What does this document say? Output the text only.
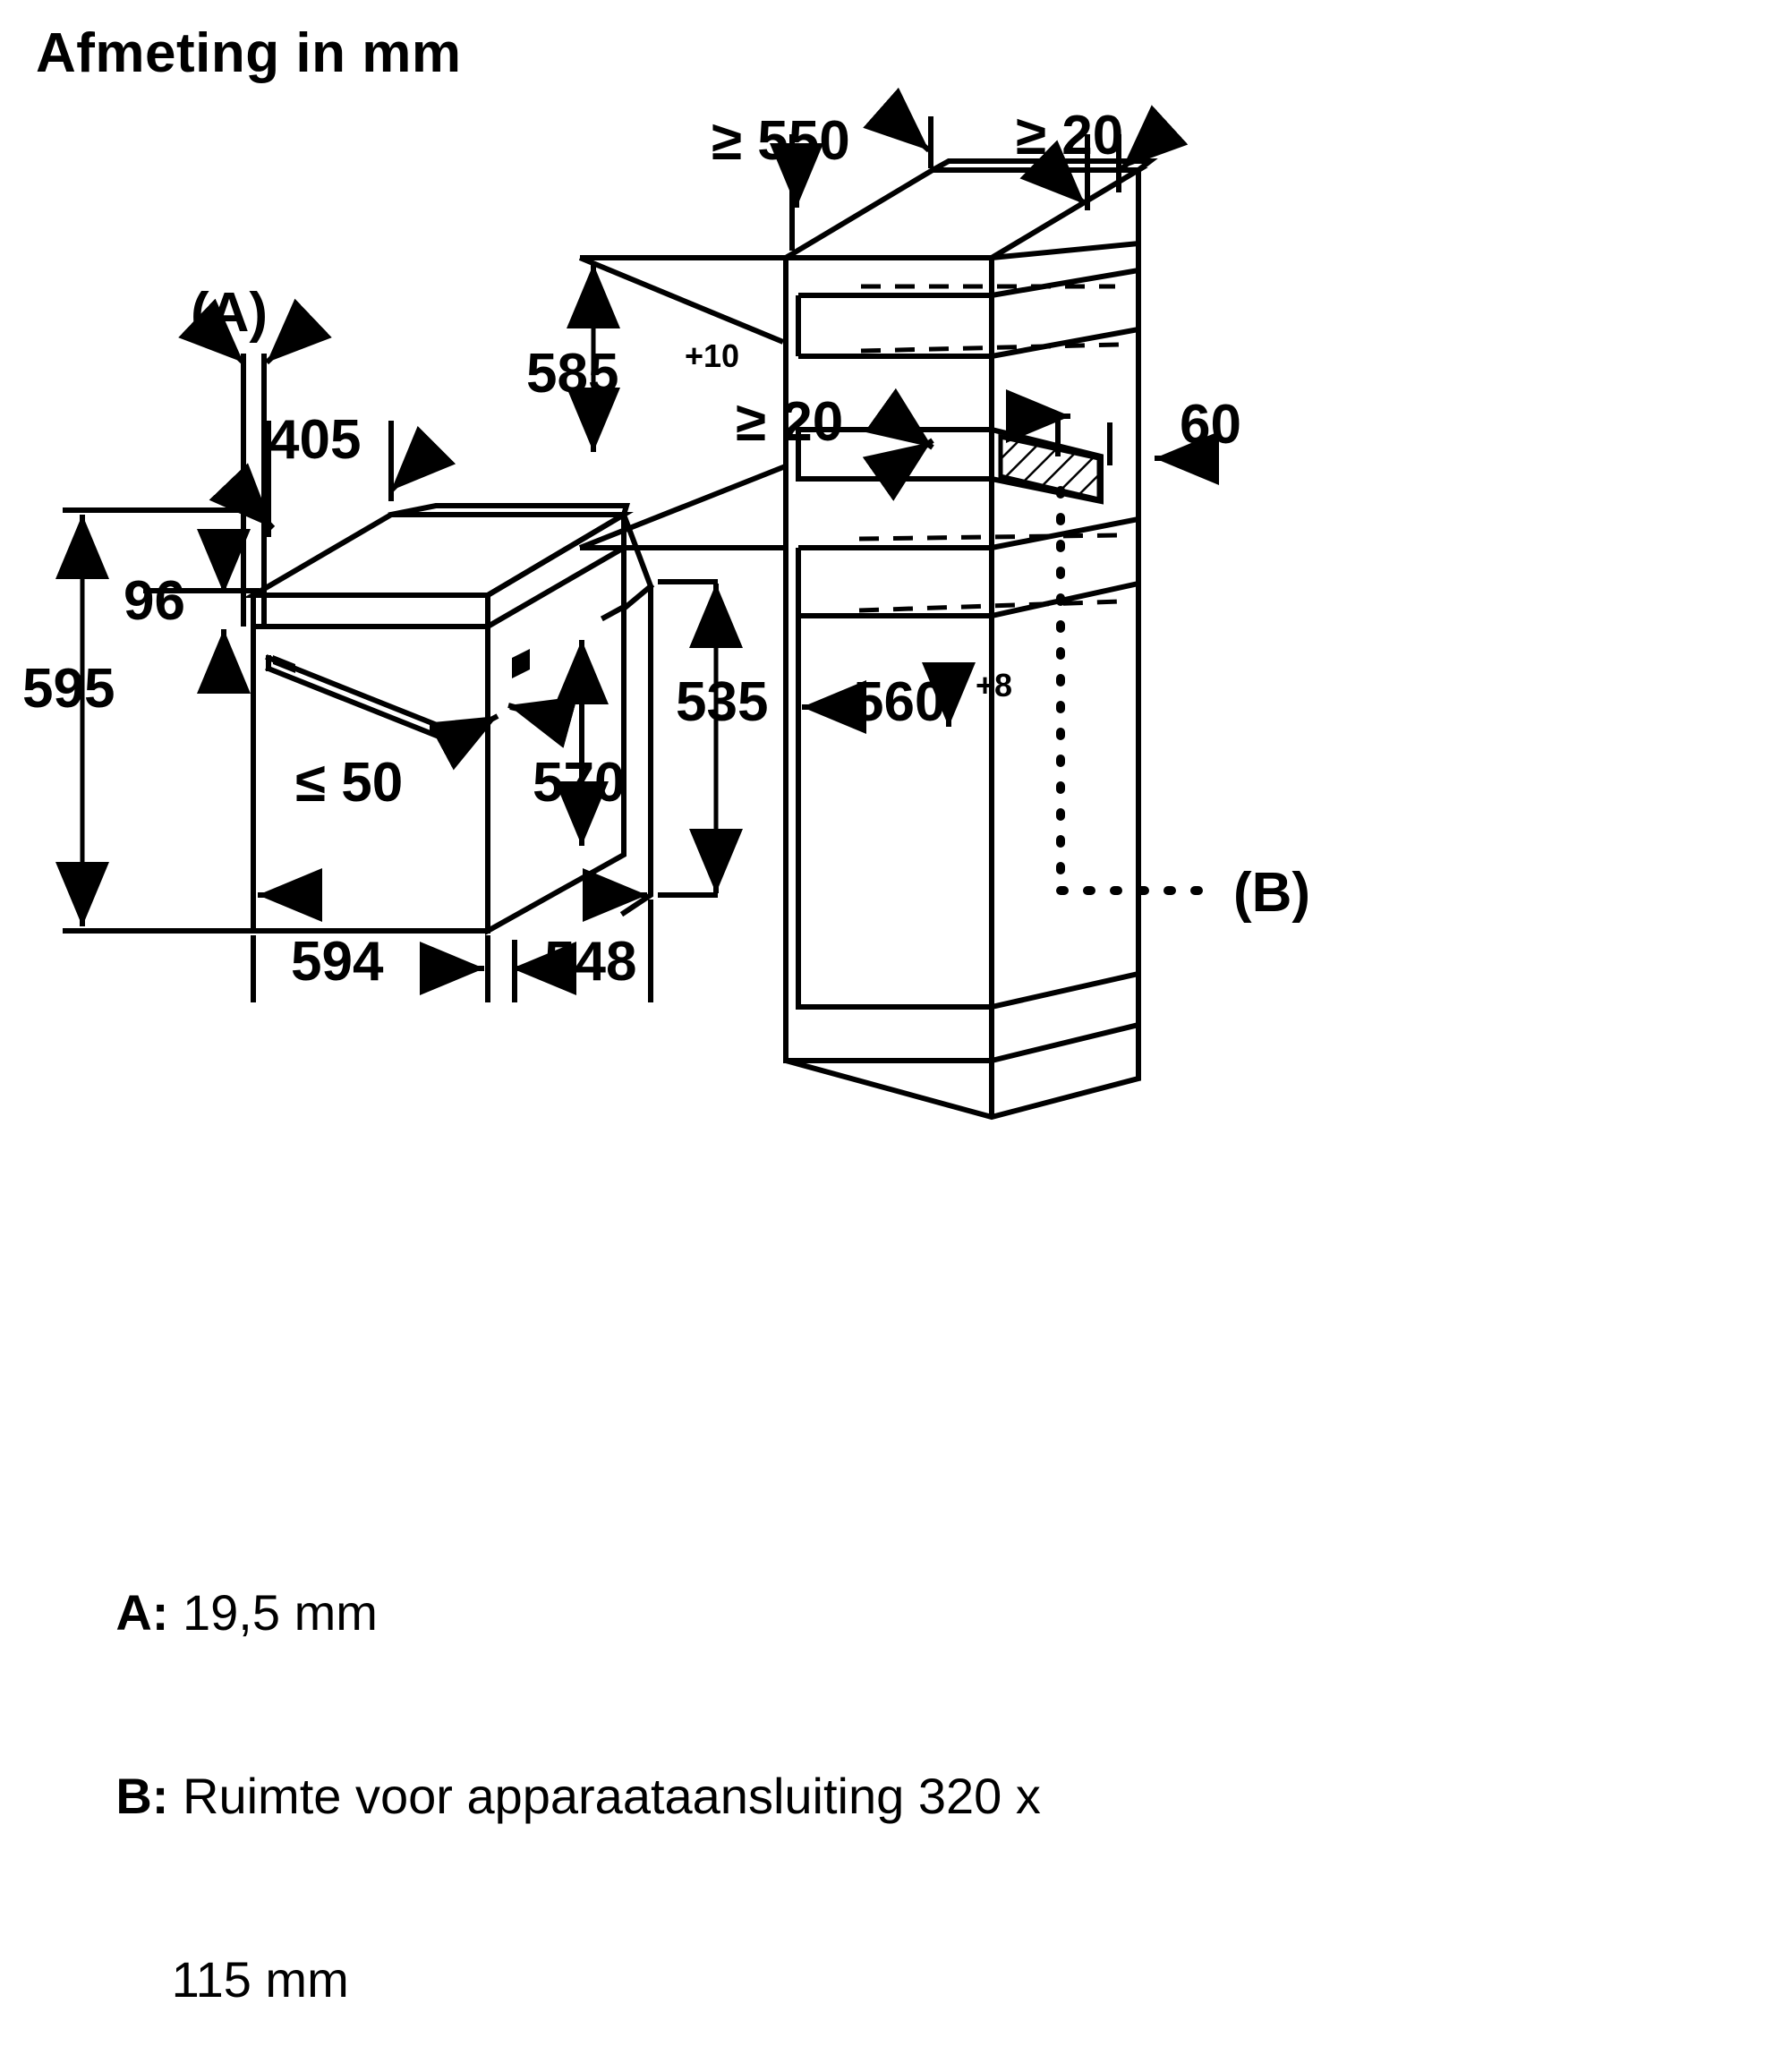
Afmeting in mm
(A)
405
96
595
≤ 50 570
535
594	548
≥ 550	≥ 20
585 +10
≥ 20	60
560 +8
(B)

A: 19,5 mm

B: Ruimte voor apparaataansluiting 320 x

115 mm
